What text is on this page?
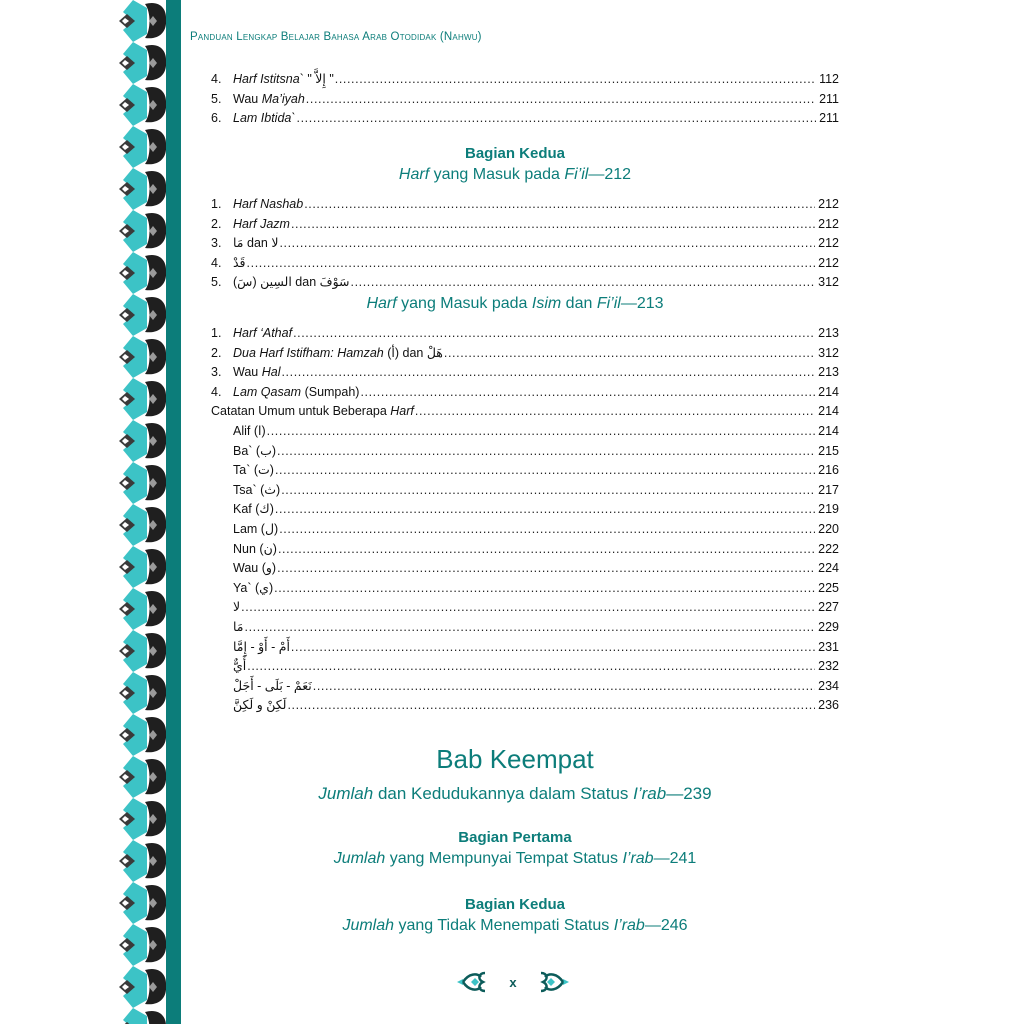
Panduan Lengkap Belajar Bahasa Arab Otodidak (Nahwu)
4. Harf Istitsna` " إِلاَّ " .....	112
5. Wau Ma’iyah .....	211
6. Lam Ibtida` .....	211
Bagian Kedua
Harf yang Masuk pada Fi’il—212
1. Harf Nashab .....	212
2. Harf Jazm .....	212
3. مَا dan لا .....	212
4. قَدْ .....	212
5. (سَ) السِين dan سَوْفَ .....	312
Harf yang Masuk pada Isim dan Fi’il—213
1. Harf ‘Athaf .....	213
2. Dua Harf Istifham: Hamzah (أ) dan هَلْ .....	312
3. Wau Hal .....	213
4. Lam Qasam (Sumpah) .....	214
Catatan Umum untuk Beberapa Harf .....	214
Alif (ا) .....	214
Ba` (ب) .....	215
Ta` (ت) .....	216
Tsa` (ث) .....	217
Kaf (ك) .....	219
Lam (ل) .....	220
Nun (ن) .....	222
Wau (و) .....	224
Ya` (ي) .....	225
لا .....	227
مَا .....	229
أَمْ - أَوْ - إِمَّا .....	231
أَيٌّ .....	232
نَعَمْ - بَلَى - أَجَلْ .....	234
لَكِنْ و لَكِنَّ .....	236
Bab Keempat
Jumlah dan Kedudukannya dalam Status I’rab—239
Bagian Pertama
Jumlah yang Mempunyai Tempat Status I’rab—241
Bagian Kedua
Jumlah yang Tidak Menempati Status I’rab—246
x
